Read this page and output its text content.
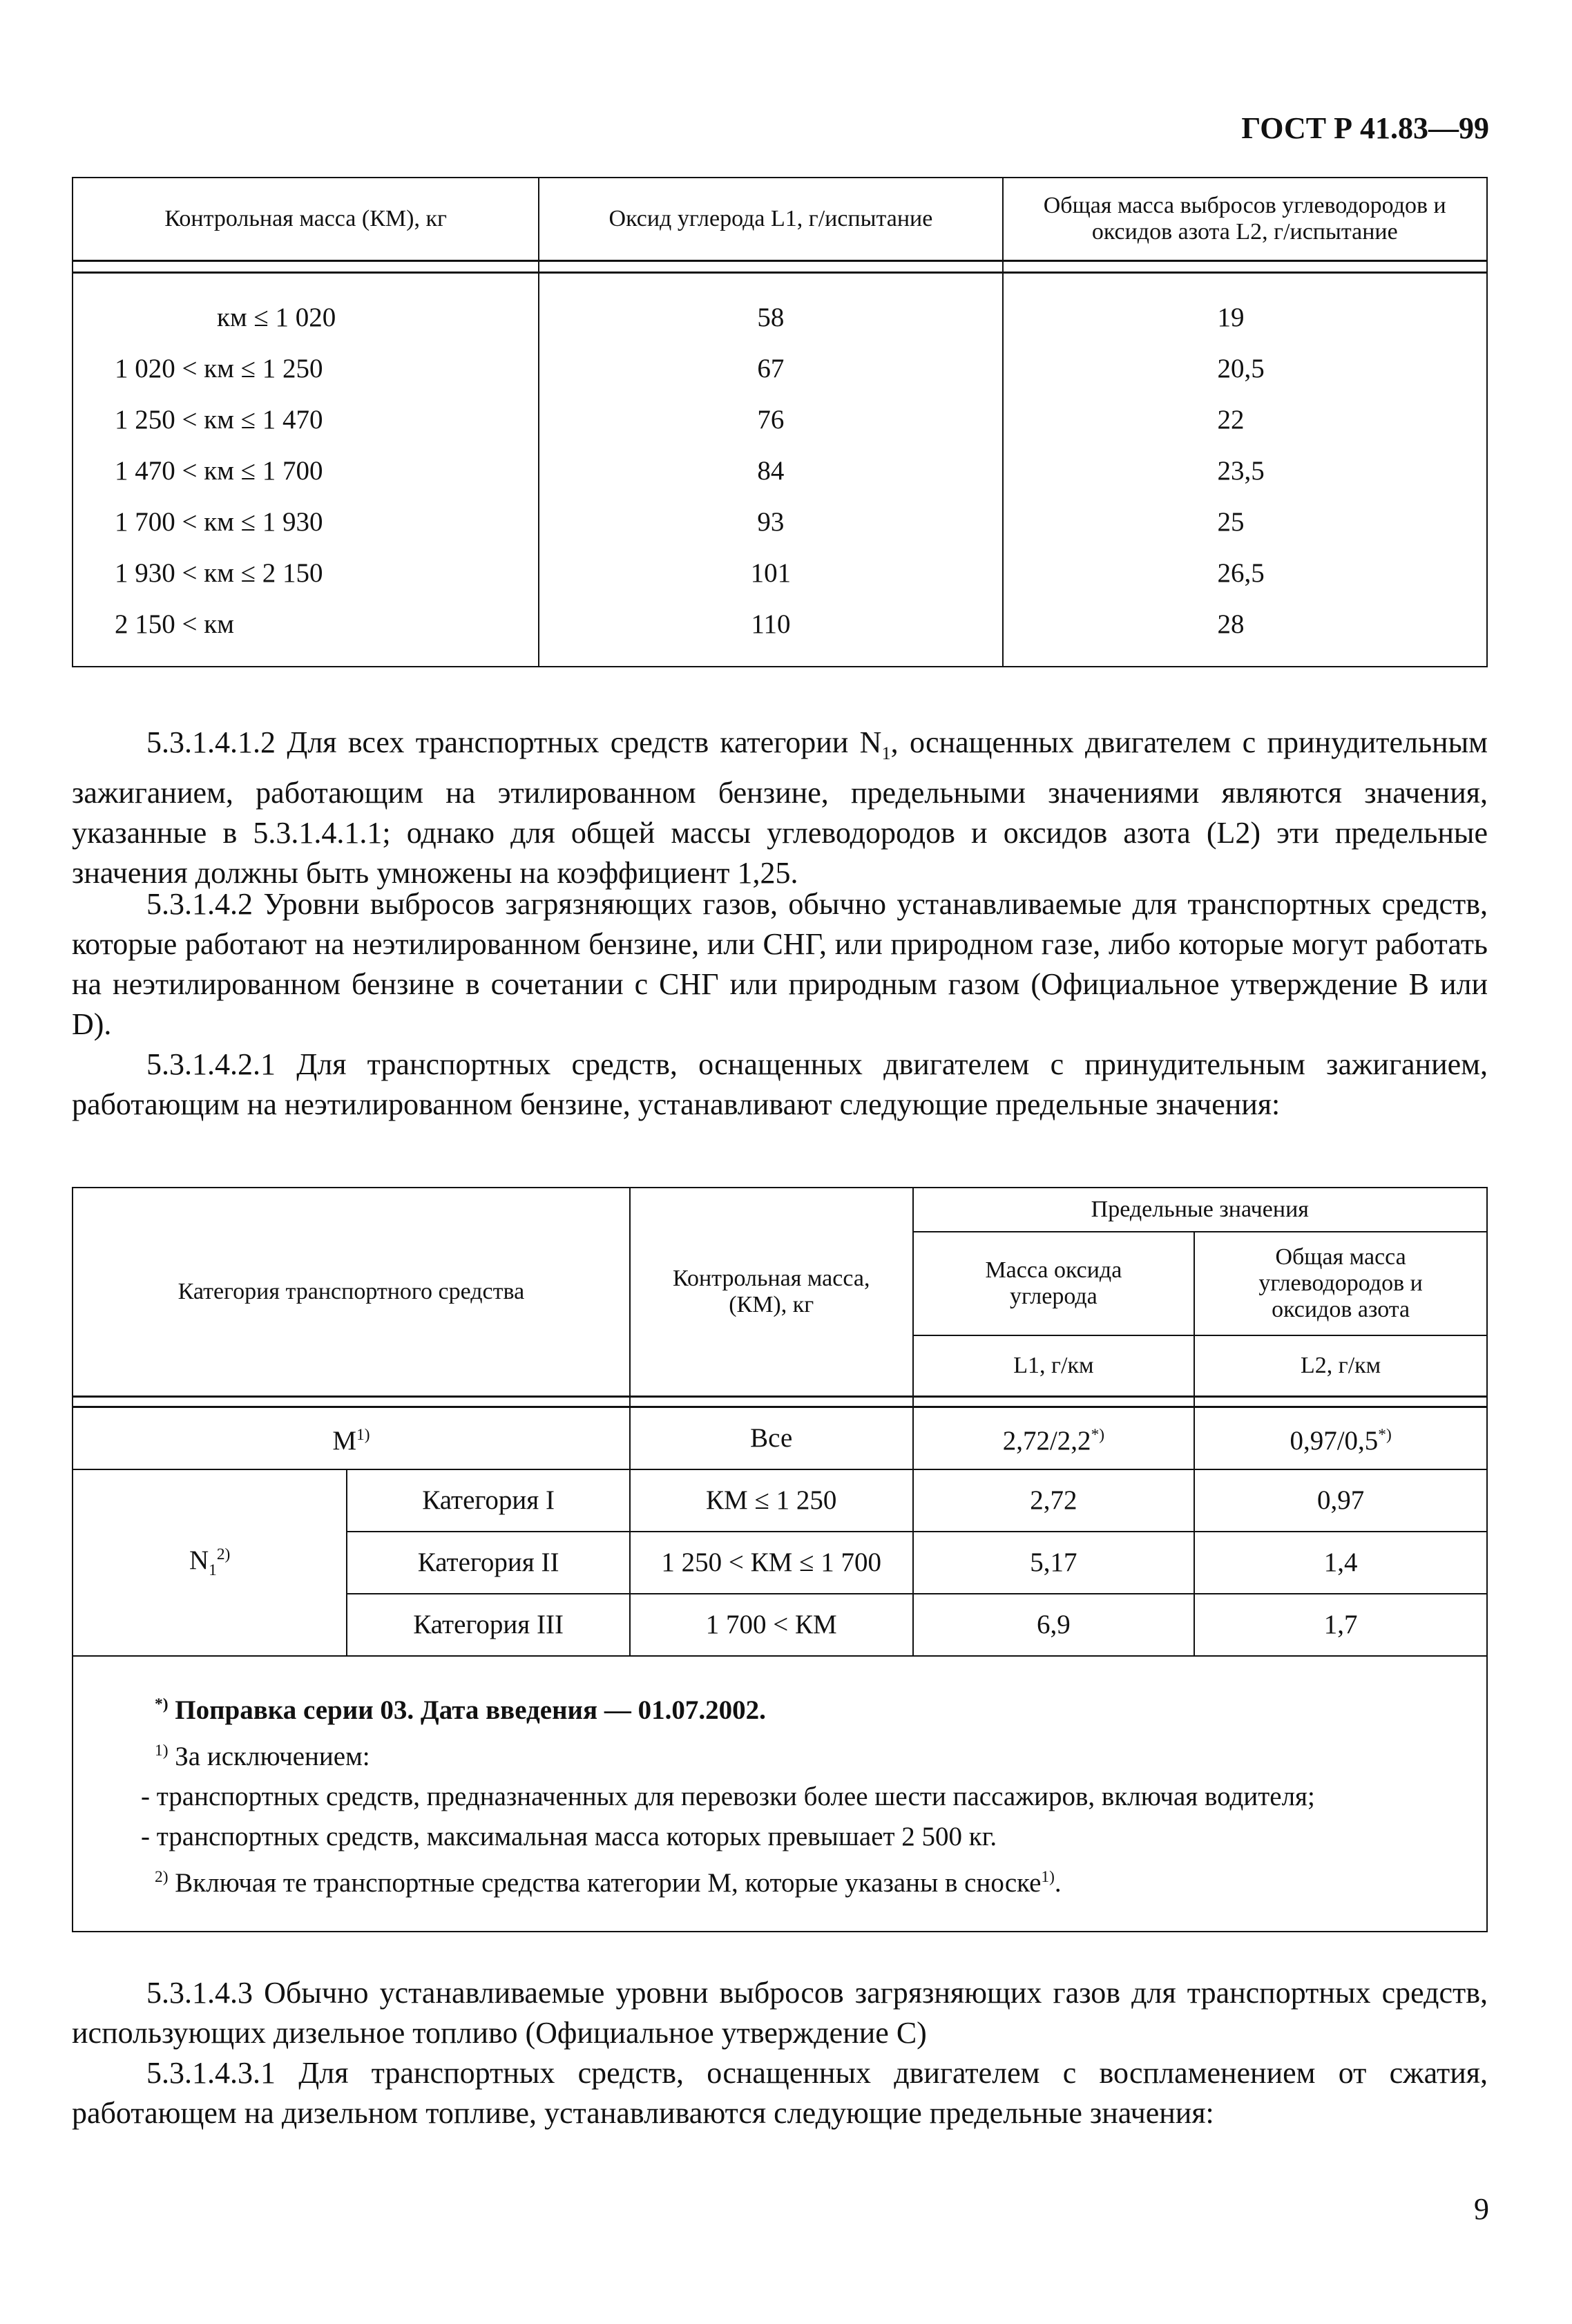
ГОСТ Р 41.83—99
Контрольная масса (КМ), кг	Оксид углерода L1, г/испытание	Общая масса выбросов углеводородов и оксидов азота L2, г/испытание

км ≤ 1 020	58	19
1 020 < км ≤ 1 250	67	20,5
1 250 < км ≤ 1 470	76	22
1 470 < км ≤ 1 700	84	23,5
1 700 < км ≤ 1 930	93	25
1 930 < км ≤ 2 150	101	26,5
2 150 < км	110	28

5.3.1.4.1.2 Для всех транспортных средств категории $N_1$, оснащенных двигателем с принудительным зажиганием, работающим на этилированном бензине, предельными значениями являются значения, указанные в 5.3.1.4.1.1; однако для общей массы углеводородов и оксидов азота (L2) эти предельные значения должны быть умножены на коэффициент 1,25.

5.3.1.4.2 Уровни выбросов загрязняющих газов, обычно устанавливаемые для транспортных средств, которые работают на неэтилированном бензине, или СНГ, или природном газе, либо которые могут работать на неэтилированном бензине в сочетании с СНГ или природным газом (Официальное утверждение В или D).

5.3.1.4.2.1 Для транспортных средств, оснащенных двигателем с принудительным зажиганием, работающим на неэтилированном бензине, устанавливают следующие предельные значения:

Категория транспортного средства		Контрольная масса, (КМ), кг	Предельные значения	
			Масса оксида углерода	Общая масса углеводородов и оксидов азота
			L1, г/км	L2, г/км

$М^{1)}$		Все	2,72/2,2*)	0,97/0,5*)
$N_1^{2)}$	Категория I	КМ ≤ 1 250	2,72	0,97
	Категория II	1 250 < КМ ≤ 1 700	5,17	1,4
	Категория III	1 700 < КМ	6,9	1,7

*) Поправка серии 03. Дата введения — 01.07.2002.
$^{1)}$ За исключением:
- транспортных средств, предназначенных для перевозки более шести пассажиров, включая водителя;
- транспортных средств, максимальная масса которых превышает 2 500 кг.
$^{2)}$ Включая те транспортные средства категории М, которые указаны в сноске$^{1)}$.				

5.3.1.4.3 Обычно устанавливаемые уровни выбросов загрязняющих газов для транспортных средств, использующих дизельное топливо (Официальное утверждение С)

5.3.1.4.3.1 Для транспортных средств, оснащенных двигателем с воспламенением от сжатия, работающем на дизельном топливе, устанавливаются следующие предельные значения:

9
